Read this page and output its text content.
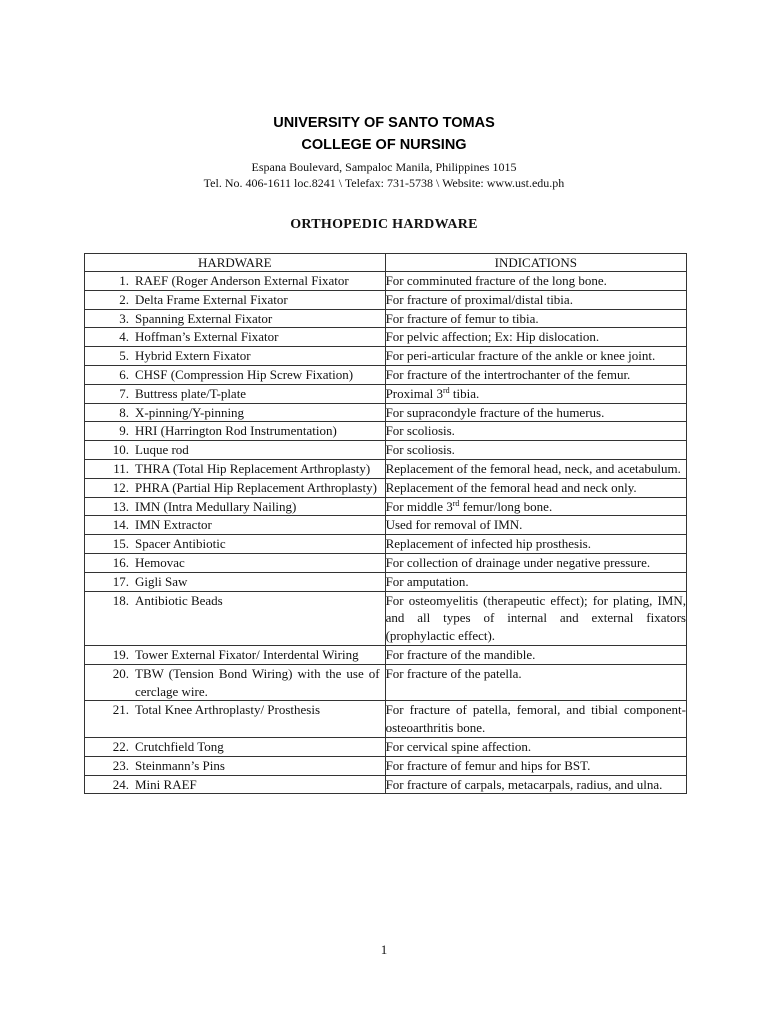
UNIVERSITY OF SANTO TOMAS
COLLEGE OF NURSING
Espana Boulevard, Sampaloc Manila, Philippines 1015
Tel. No. 406-1611 loc.8241 \ Telefax: 731-5738 \ Website: www.ust.edu.ph
ORTHOPEDIC HARDWARE
HARDWARE	INDICATIONS

1. RAEF (Roger Anderson External Fixator	For comminuted fracture of the long bone.

2. Delta Frame External Fixator	For fracture of proximal/distal tibia.

3. Spanning External Fixator	For fracture of femur to tibia.

4. Hoffman’s External Fixator	For pelvic affection; Ex: Hip dislocation.

5. Hybrid Extern Fixator	For peri-articular fracture of the ankle or knee joint.

6. CHSF (Compression Hip Screw Fixation)	For fracture of the intertrochanter of the femur.

7. Buttress plate/T-plate	Proximal 3rd tibia.

8. X-pinning/Y-pinning	For supracondyle fracture of the humerus.

9. HRI (Harrington Rod Instrumentation)	For scoliosis.

10. Luque rod	For scoliosis.

11. THRA (Total Hip Replacement Arthroplasty)	Replacement of the femoral head, neck, and acetabulum.

12. PHRA (Partial Hip Replacement Arthroplasty)	Replacement of the femoral head and neck only.

13. IMN (Intra Medullary Nailing)	For middle 3rd femur/long bone.

14. IMN Extractor	Used for removal of IMN.

15. Spacer Antibiotic	Replacement of infected hip prosthesis.

16. Hemovac	For collection of drainage under negative pressure.

17. Gigli Saw	For amputation.

18. Antibiotic Beads	For osteomyelitis (therapeutic effect); for plating, IMN, and all types of internal and external fixators (prophylactic effect).

19. Tower External Fixator/ Interdental Wiring	For fracture of the mandible.

20. TBW (Tension Bond Wiring) with the use of cerclage wire.	For fracture of the patella.

21. Total Knee Arthroplasty/ Prosthesis	For fracture of patella, femoral, and tibial component-osteoarthritis bone.

22. Crutchfield Tong	For cervical spine affection.

23. Steinmann’s Pins	For fracture of femur and hips for BST.

24. Mini RAEF	For fracture of carpals, metacarpals, radius, and ulna.
1
